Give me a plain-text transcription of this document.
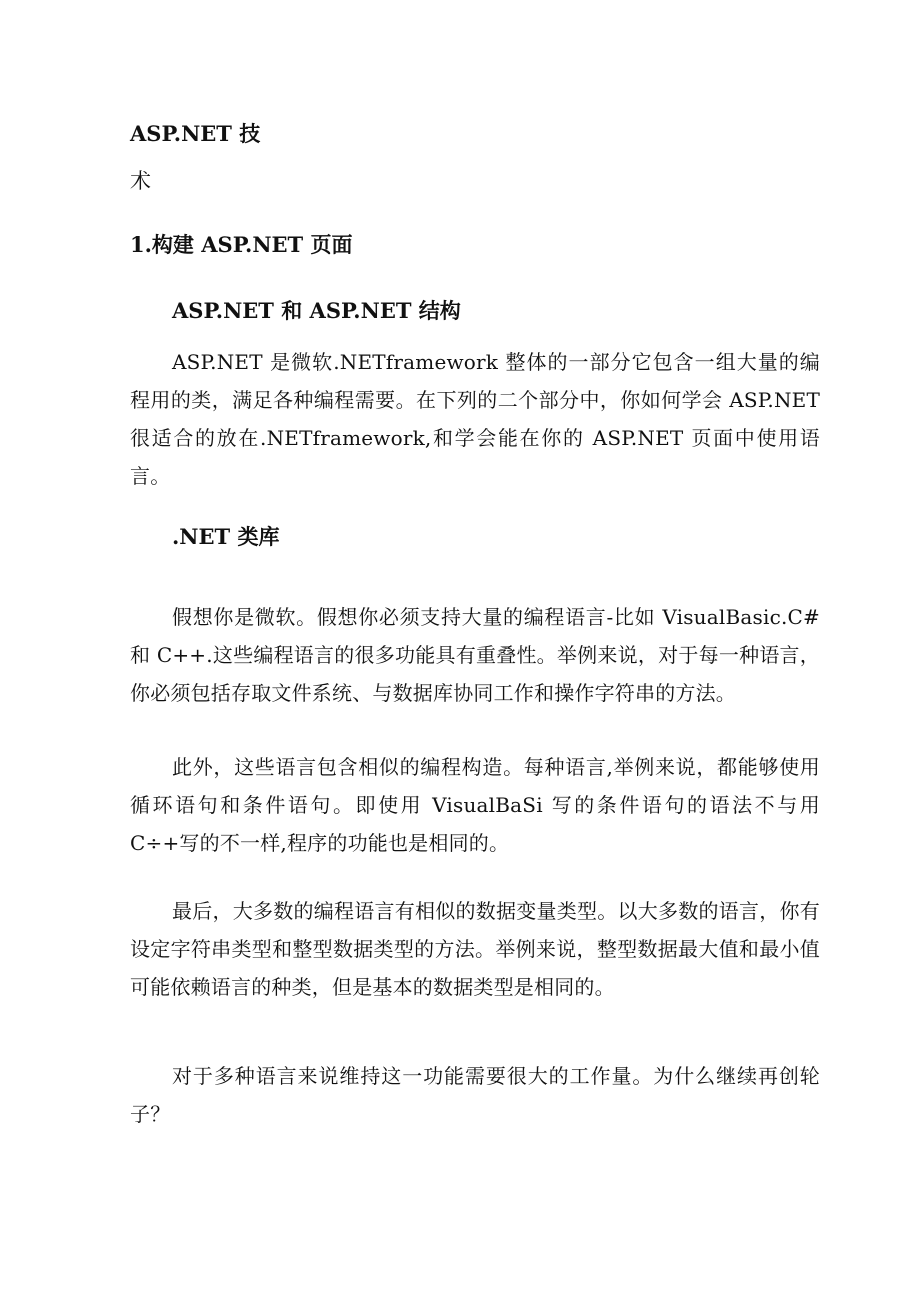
ASP.NET 技
术
1.构建 ASP.NET 页面
ASP.NET 和 ASP.NET 结构
ASP.NET 是微软.NETframework 整体的一部分它包含一组大量的编程用的类，满足各种编程需要。在下列的二个部分中，你如何学会 ASP.NET 很适合的放在.NETframework,和学会能在你的 ASP.NET 页面中使用语言。
.NET 类库
假想你是微软。假想你必须支持大量的编程语言-比如 VisualBasic.C#和 C++.这些编程语言的很多功能具有重叠性。举例来说，对于每一种语言，你必须包括存取文件系统、与数据库协同工作和操作字符串的方法。
此外，这些语言包含相似的编程构造。每种语言,举例来说，都能够使用循环语句和条件语句。即使用 VisualBaSi 写的条件语句的语法不与用 C÷+写的不一样,程序的功能也是相同的。
最后，大多数的编程语言有相似的数据变量类型。以大多数的语言，你有设定字符串类型和整型数据类型的方法。举例来说，整型数据最大值和最小值可能依赖语言的种类，但是基本的数据类型是相同的。
对于多种语言来说维持这一功能需要很大的工作量。为什么继续再创轮子？
